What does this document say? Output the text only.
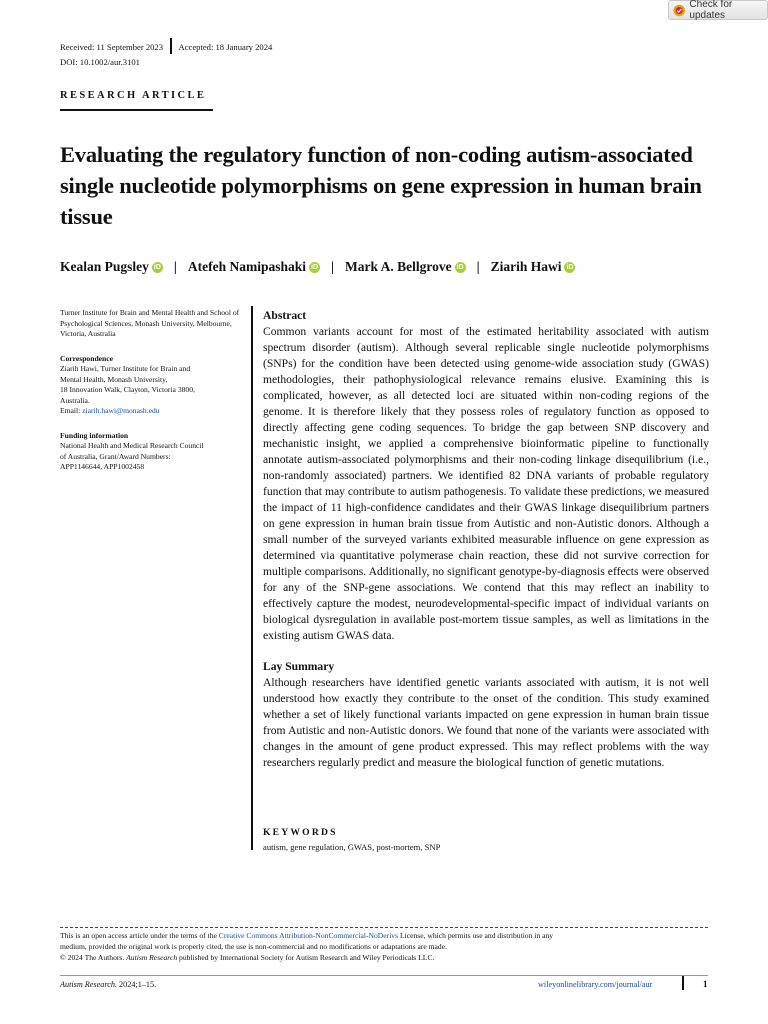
Check for updates
Received: 11 September 2023 Accepted: 18 January 2024
DOI: 10.1002/aur.3101
RESEARCH ARTICLE
Evaluating the regulatory function of non-coding autism-associated single nucleotide polymorphisms on gene expression in human brain tissue
Kealan Pugsley iD | Atefeh Namipashaki iD | Mark A. Bellgrove iD | Ziarih Hawi iD

Turner Institute for Brain and Mental Health and School of Psychological Sciences, Monash University, Melbourne, Victoria, Australia

Correspondence

Ziarih Hawi, Turner Institute for Brain and

Mental Health, Monash University,

18 Innovation Walk, Clayton, Victoria 3800,

Australia.

Email: ziarih.hawi@monash.edu

Funding information

National Health and Medical Research Council

of Australia, Grant/Award Numbers:

APP1146644, APP1002458

Abstract

Common variants account for most of the estimated heritability associated with autism spectrum disorder (autism). Although several replicable single nucleotide polymorphisms (SNPs) for the condition have been detected using genome-wide association study (GWAS) methodologies, their pathophysiological relevance remains elusive. Examining this is complicated, however, as all detected loci are situated within non-coding regions of the genome. It is therefore likely that they possess roles of regulatory function as opposed to directly affecting gene coding sequences. To bridge the gap between SNP discovery and mechanistic insight, we applied a comprehensive bioinformatic pipeline to functionally annotate autism-associated polymorphisms and their non-coding linkage disequilibrium (i.e., non-randomly associated) partners. We identified 82 DNA variants of probable regulatory function that may contribute to autism pathogenesis. To validate these predictions, we measured the impact of 11 high-confidence candidates and their GWAS linkage disequilibrium partners on gene expression in human brain tissue from Autistic and non-Autistic donors. Although a small number of the surveyed variants exhibited measurable influence on gene expression as determined via quantitative polymerase chain reaction, these did not survive correction for multiple comparisons. Additionally, no significant genotype-by-diagnosis effects were observed for any of the SNP-gene associations. We contend that this may reflect an inability to effectively capture the modest, neurodevelopmental-specific impact of individual variants on biological dysregulation in available post-mortem tissue samples, as well as limitations in the existing autism GWAS data.

Lay Summary

Although researchers have identified genetic variants associated with autism, it is not well understood how exactly they contribute to the onset of the condition. This study examined whether a set of likely functional variants impacted on gene expression in human brain tissue from Autistic and non-Autistic donors. We found that none of the variants were associated with changes in the amount of gene product expressed. This may reflect problems with the way researchers regularly predict and measure the biological function of genetic mutations.

KEYWORDS
autism, gene regulation, GWAS, post-mortem, SNP

This is an open access article under the terms of the Creative Commons Attribution-NonCommercial-NoDerivs License, which permits use and distribution in any

medium, provided the original work is properly cited, the use is non-commercial and no modifications or adaptations are made.

© 2024 The Authors. Autism Research published by International Society for Autism Research and Wiley Periodicals LLC.

Autism Research. 2024;1–15.	wileyonlinelibrary.com/journal/aur	1
